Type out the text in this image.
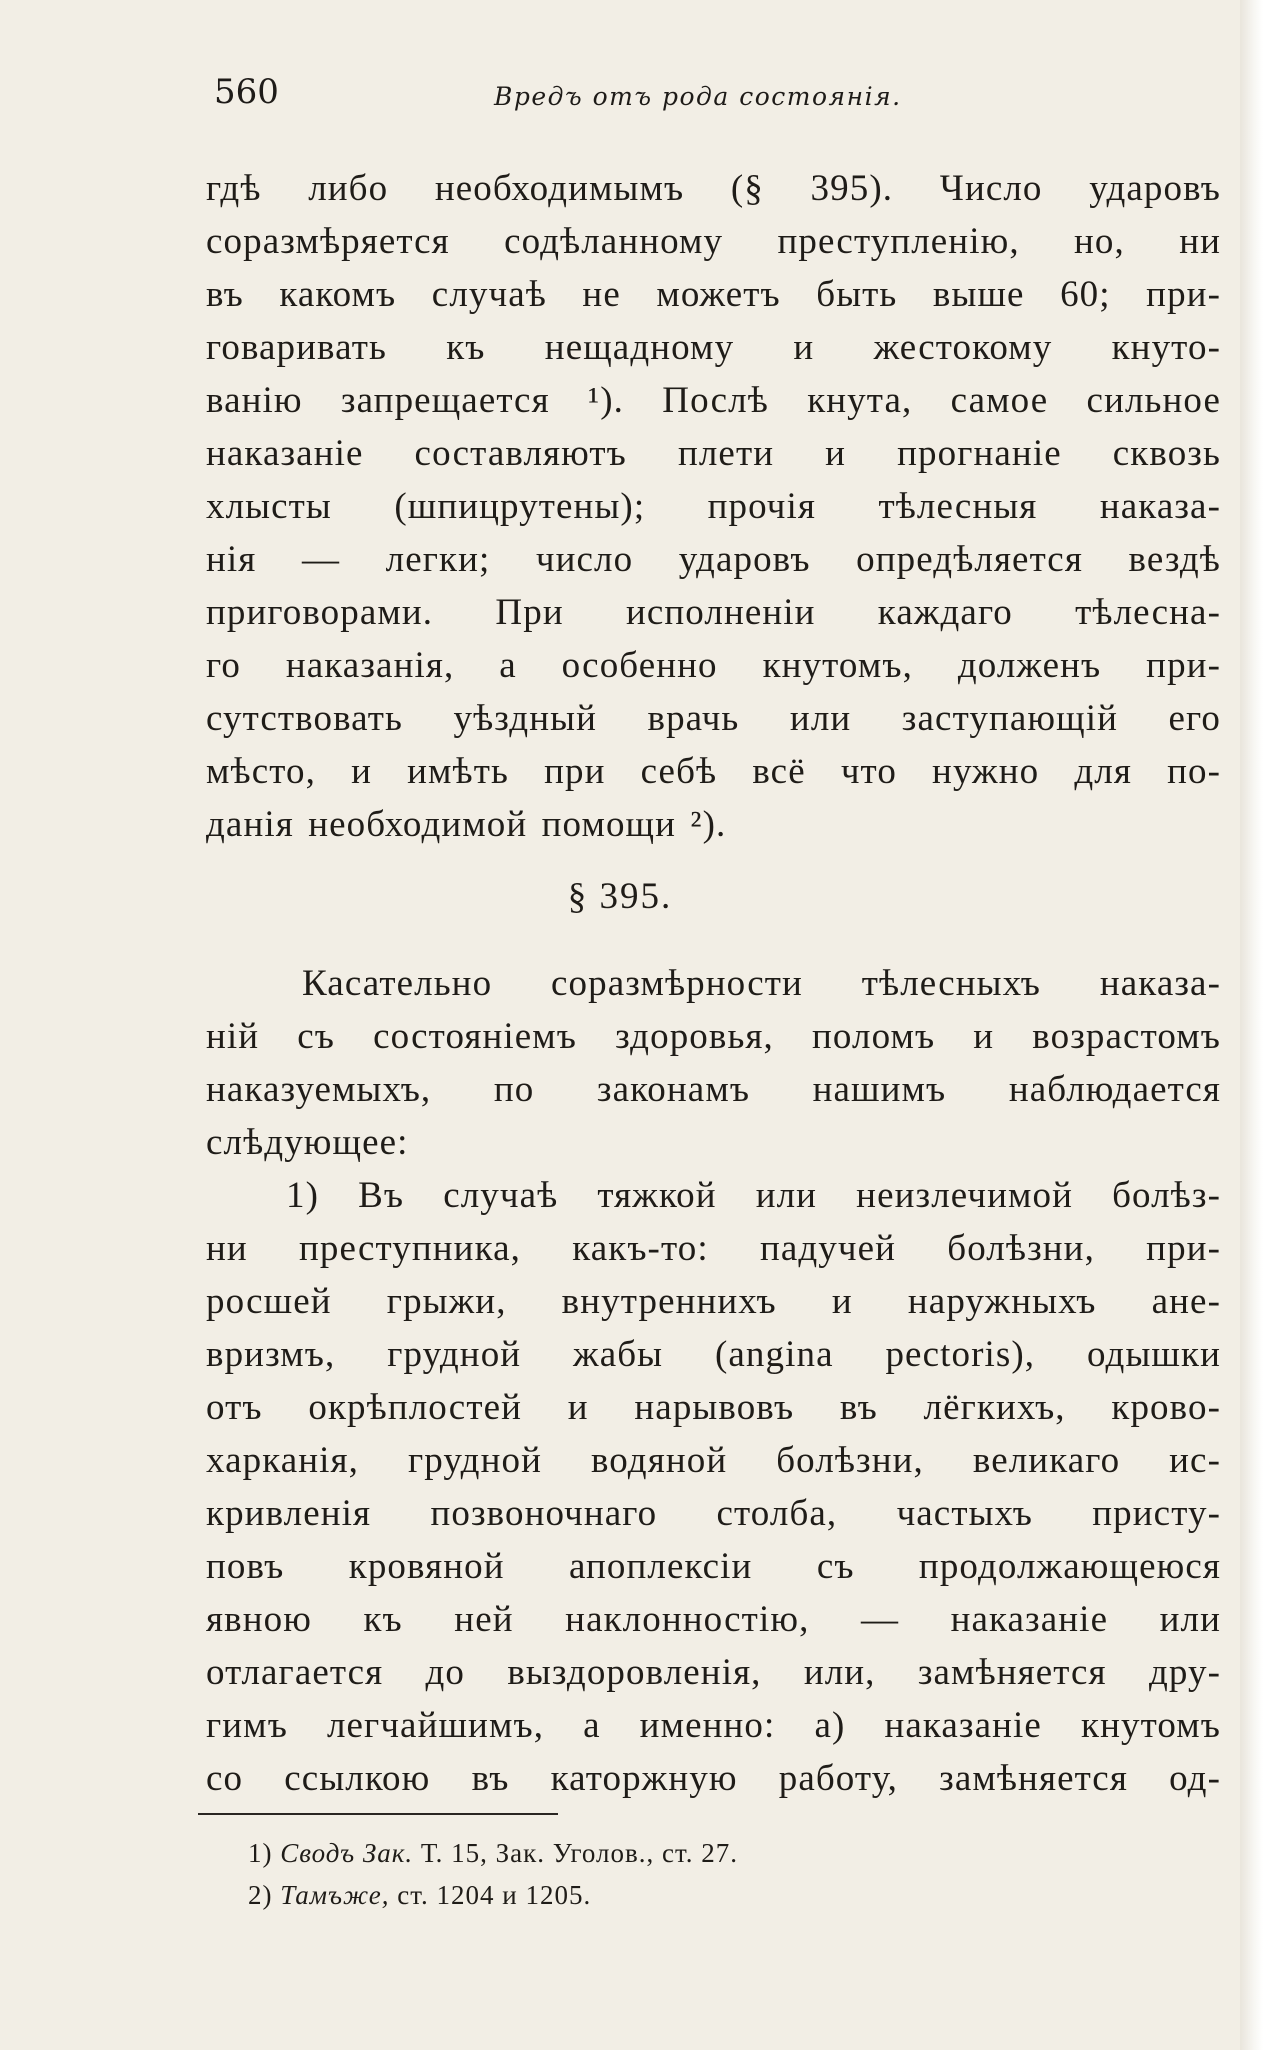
560	Вредъ отъ рода состоянія.
гдѣ либо необходимымъ (§ 395). Число ударовъ
соразмѣряется содѣланному преступленію, но, ни
въ какомъ случаѣ не можетъ быть выше 60; при-
говаривать къ нещадному и жестокому кнуто-
ванію запрещается ¹). Послѣ кнута, самое сильное
наказаніе составляютъ плети и прогнаніе сквозь
хлысты (шпицрутены); прочія тѣлесныя наказа-
нія — легки; число ударовъ опредѣляется вездѣ
приговорами. При исполненіи каждаго тѣлесна-
го наказанія, а особенно кнутомъ, долженъ при-
сутствовать уѣздный врачь или заступающій его
мѣсто, и имѣть при себѣ всё что нужно для по-
данія необходимой помощи ²).
Касательно соразмѣрности тѣлесныхъ наказа-
ній съ состояніемъ здоровья, поломъ и возрастомъ
наказуемыхъ, по законамъ нашимъ наблюдается
слѣдующее:
1) Въ случаѣ тяжкой или неизлечимой болѣз-
ни преступника, какъ-то: падучей болѣзни, при-
росшей грыжи, внутреннихъ и наружныхъ ане-
вризмъ, грудной жабы (angina pectoris), одышки
отъ окрѣплостей и нарывовъ въ лёгкихъ, крово-
харканія, грудной водяной болѣзни, великаго ис-
кривленія позвоночнаго столба, частыхъ присту-
повъ кровяной апоплексіи съ продолжающеюся
явною къ ней наклонностію, — наказаніе или
отлагается до выздоровленія, или, замѣняется дру-
гимъ легчайшимъ, а именно: а) наказаніе кнутомъ
со ссылкою въ каторжную работу, замѣняется од-
§ 395.
1) Сводъ Зак. Т. 15, Зак. Уголов., ст. 27.
2) Тамъже, ст. 1204 и 1205.
